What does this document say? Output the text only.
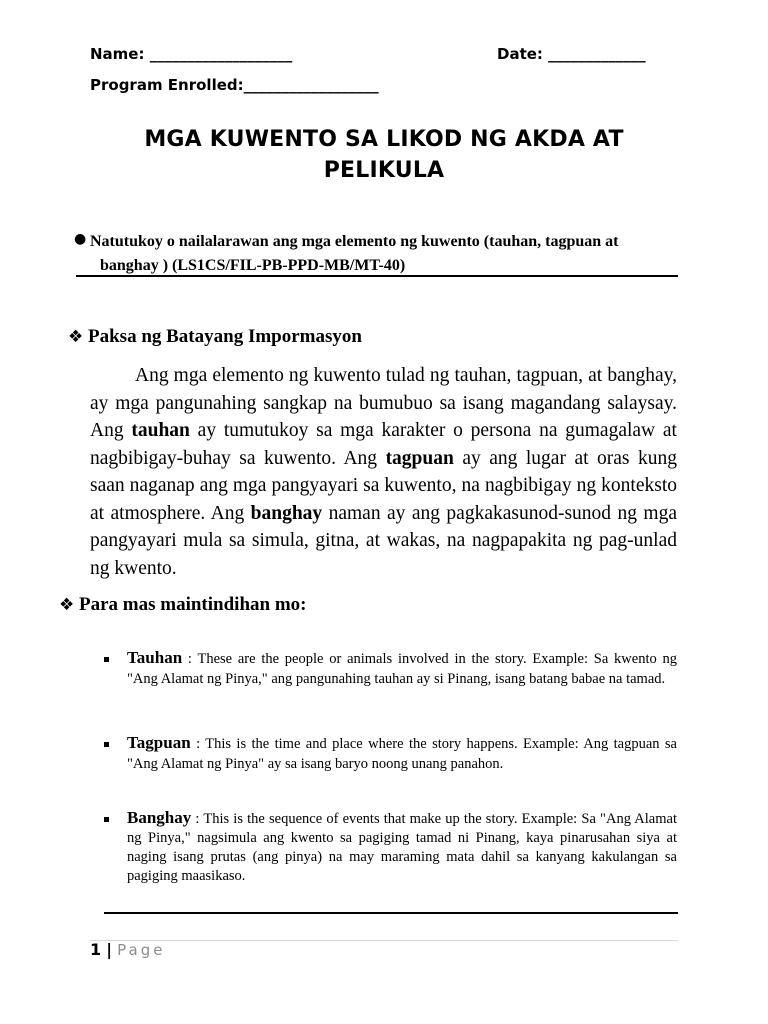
Name: ___________________	Date: _____________
Program Enrolled:__________________
MGA KUWENTO SA LIKOD NG AKDA AT
PELIKULA
● Natutukoy o nailalarawan ang mga elemento ng kuwento (tauhan, tagpuan at
banghay ) (LS1CS/FIL-PB-PPD-MB/MT-40)
❖ Paksa ng Batayang Impormasyon
Ang mga elemento ng kuwento tulad ng tauhan, tagpuan, at banghay, ay mga pangunahing sangkap na bumubuo sa isang magandang salaysay. Ang tauhan ay tumutukoy sa mga karakter o persona na gumagalaw at nagbibigay-buhay sa kuwento. Ang tagpuan ay ang lugar at oras kung saan naganap ang mga pangyayari sa kuwento, na nagbibigay ng konteksto at atmosphere. Ang banghay naman ay ang pagkakasunod-sunod ng mga pangyayari mula sa simula, gitna, at wakas, na nagpapakita ng pag-unlad ng kwento.
❖ Para mas maintindihan mo:
Tauhan : These are the people or animals involved in the story. Example: Sa kwento ng "Ang Alamat ng Pinya," ang pangunahing tauhan ay si Pinang, isang batang babae na tamad.
Tagpuan : This is the time and place where the story happens. Example: Ang tagpuan sa "Ang Alamat ng Pinya" ay sa isang baryo noong unang panahon.
Banghay : This is the sequence of events that make up the story. Example: Sa "Ang Alamat ng Pinya," nagsimula ang kwento sa pagiging tamad ni Pinang, kaya pinarusahan siya at naging isang prutas (ang pinya) na may maraming mata dahil sa kanyang kakulangan sa pagiging maasikaso.
1 | Page
